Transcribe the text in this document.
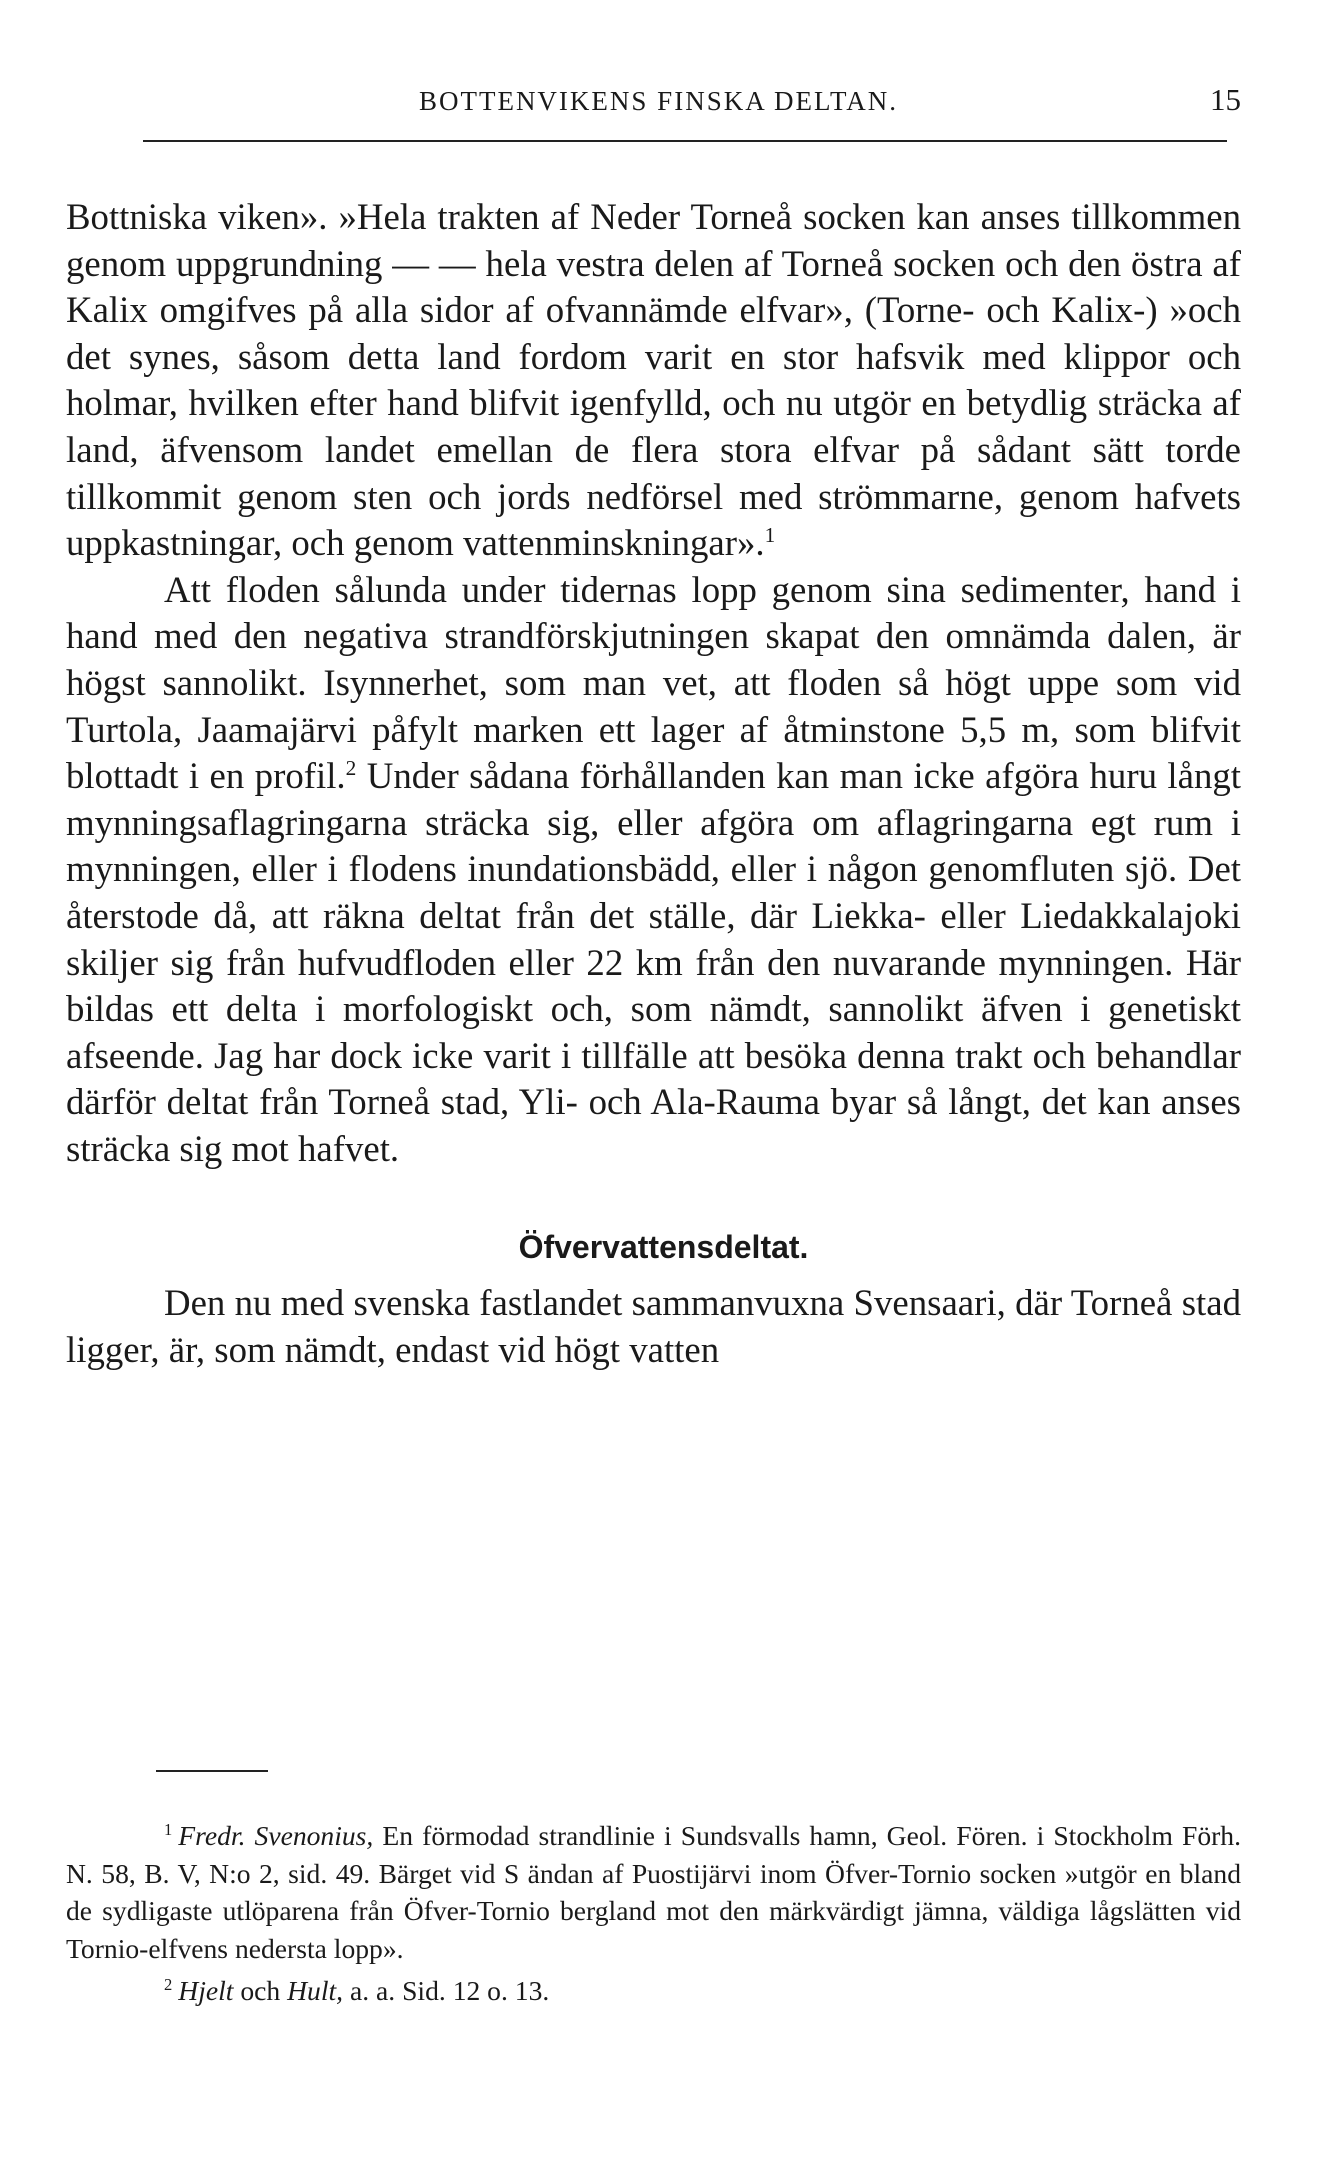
BOTTENVIKENS FINSKA DELTAN.	15

Bottniska viken». »Hela trakten af Neder Torneå socken kan anses tillkommen genom uppgrundning — — hela vestra delen af Torneå socken och den östra af Kalix omgifves på alla sidor af ofvannämde elfvar», (Torne- och Kalix-) »och det synes, såsom detta land fordom varit en stor hafsvik med klippor och holmar, hvilken efter hand blifvit igenfylld, och nu utgör en betydlig sträcka af land, äfvensom landet emellan de flera stora elfvar på sådant sätt torde tillkommit genom sten och jords nedförsel med strömmarne, genom hafvets uppkastningar, och genom vattenminskningar».$^1$

Att floden sålunda under tidernas lopp genom sina sedimenter, hand i hand med den negativa strandförskjutningen skapat den omnämda dalen, är högst sannolikt. Isynnerhet, som man vet, att floden så högt uppe som vid Turtola, Jaamajärvi påfylt marken ett lager af åtminstone 5,5 m, som blifvit blottadt i en profil.$^2$ Under sådana förhållanden kan man icke afgöra huru långt mynningsaflagringarna sträcka sig, eller afgöra om aflagringarna egt rum i mynningen, eller i flodens inundationsbädd, eller i någon genomfluten sjö. Det återstode då, att räkna deltat från det ställe, där Liekka- eller Liedakkalajoki skiljer sig från hufvudfloden eller 22 km från den nuvarande mynningen. Här bildas ett delta i morfologiskt och, som nämdt, sannolikt äfven i genetiskt afseende. Jag har dock icke varit i tillfälle att besöka denna trakt och behandlar därför deltat från Torneå stad, Yli- och Ala-Rauma byar så långt, det kan anses sträcka sig mot hafvet.

Öfvervattensdeltat.

Den nu med svenska fastlandet sammanvuxna Svensaari, där Torneå stad ligger, är, som nämdt, endast vid högt vatten

$^1$ Fredr. Svenonius, En förmodad strandlinie i Sundsvalls hamn, Geol. Fören. i Stockholm Förh. N. 58, B. V, N:o 2, sid. 49. Bärget vid S ändan af Puostijärvi inom Öfver-Tornio socken »utgör en bland de sydligaste utlöparena från Öfver-Tornio bergland mot den märkvärdigt jämna, väldiga lågslätten vid Tornio-elfvens nedersta lopp».

$^2$ Hjelt och Hult, a. a. Sid. 12 o. 13.
